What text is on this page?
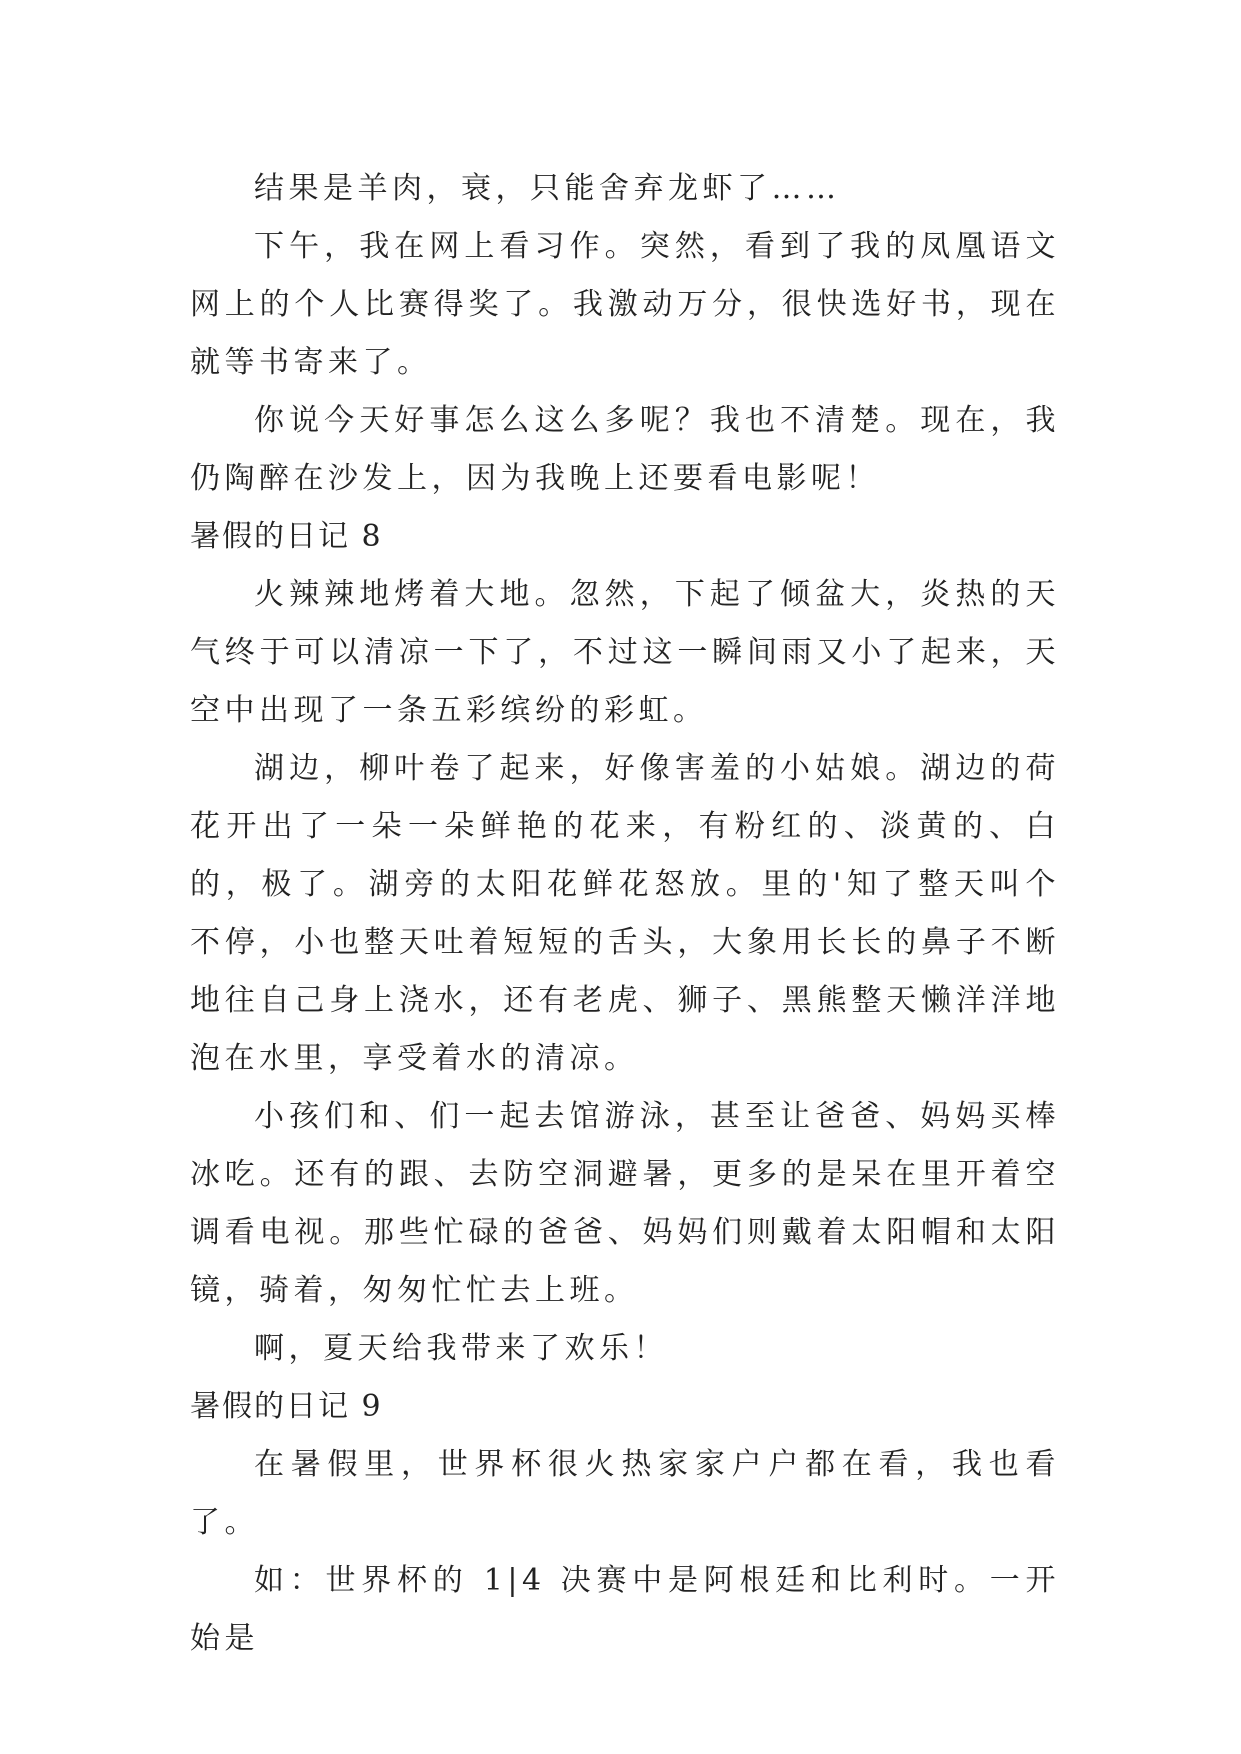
结果是羊肉，衰，只能舍弃龙虾了……

下午，我在网上看习作。突然，看到了我的凤凰语文网上的个人比赛得奖了。我激动万分，很快选好书，现在就等书寄来了。

你说今天好事怎么这么多呢？我也不清楚。现在，我仍陶醉在沙发上，因为我晚上还要看电影呢！

暑假的日记 8

火辣辣地烤着大地。忽然，下起了倾盆大，炎热的天气终于可以清凉一下了，不过这一瞬间雨又小了起来，天空中出现了一条五彩缤纷的彩虹。

湖边，柳叶卷了起来，好像害羞的小姑娘。湖边的荷花开出了一朵一朵鲜艳的花来，有粉红的、淡黄的、白的，极了。湖旁的太阳花鲜花怒放。里的'知了整天叫个不停，小也整天吐着短短的舌头，大象用长长的鼻子不断地往自己身上浇水，还有老虎、狮子、黑熊整天懒洋洋地泡在水里，享受着水的清凉。

小孩们和、们一起去馆游泳，甚至让爸爸、妈妈买棒冰吃。还有的跟、去防空洞避暑，更多的是呆在里开着空调看电视。那些忙碌的爸爸、妈妈们则戴着太阳帽和太阳镜，骑着，匆匆忙忙去上班。

啊，夏天给我带来了欢乐！

暑假的日记 9

在暑假里，世界杯很火热家家户户都在看，我也看了。

如：世界杯的 1|4 决赛中是阿根廷和比利时。一开始是
